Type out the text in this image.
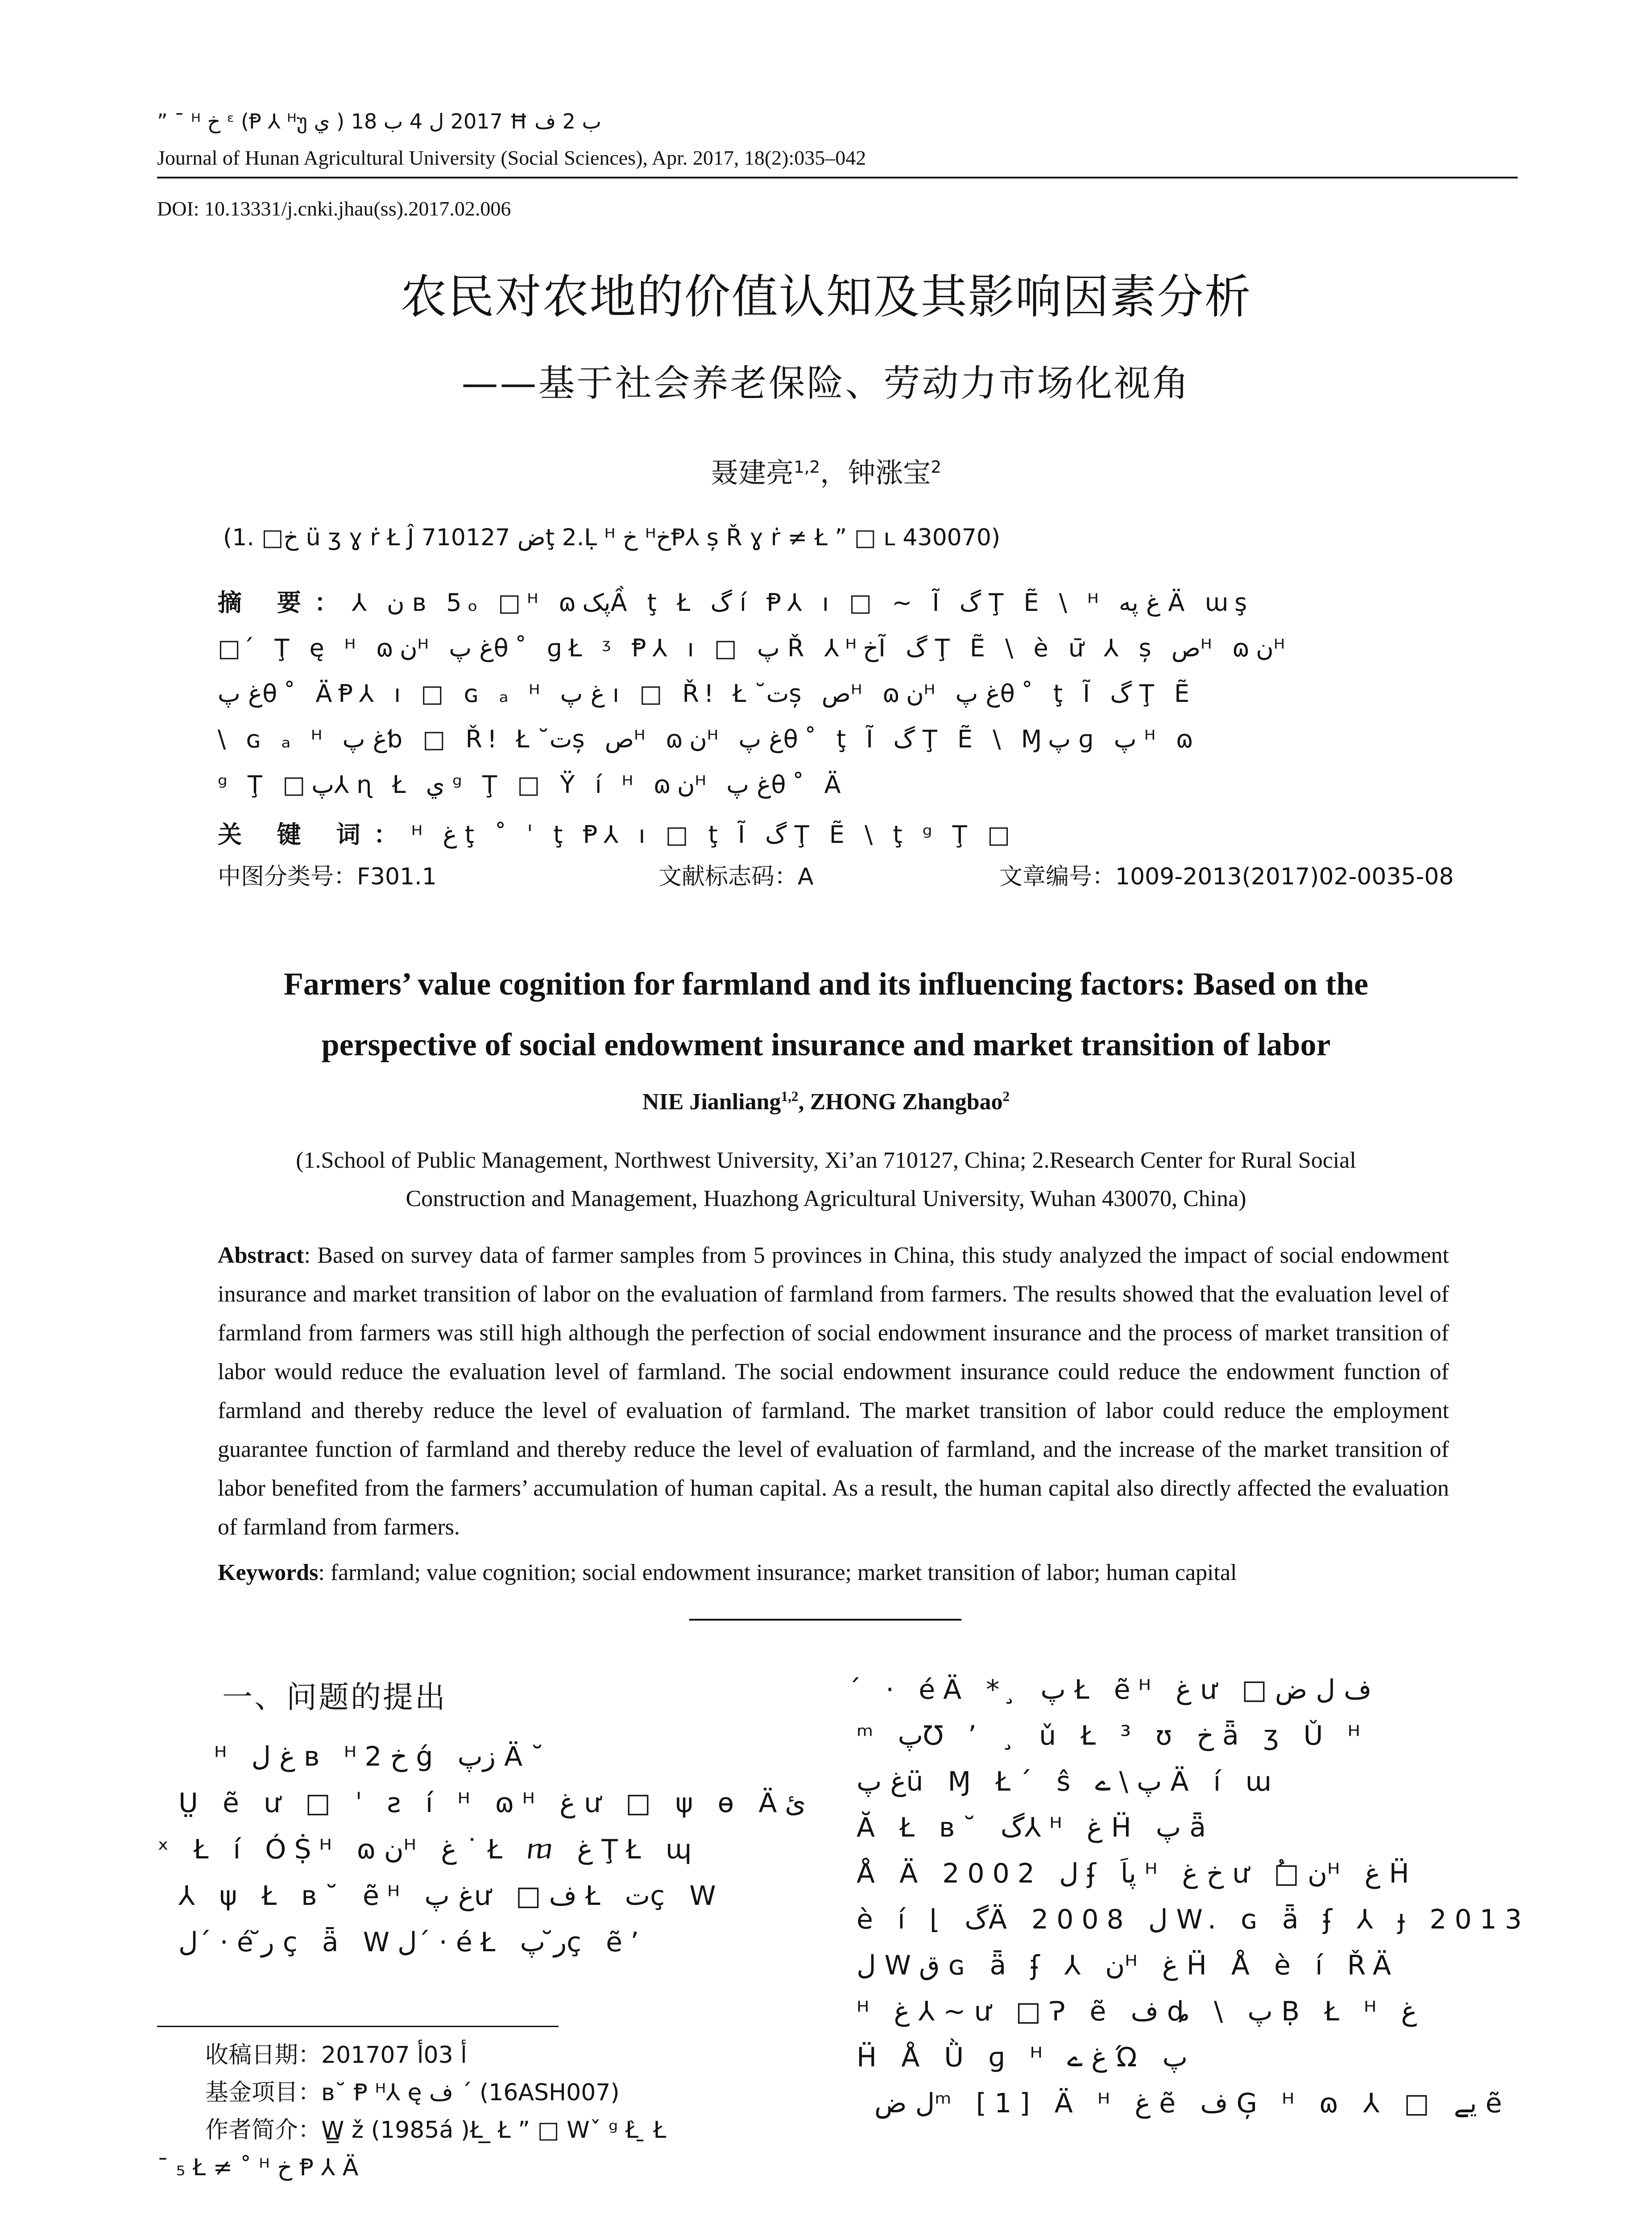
” ¯ ᴴ خ ᵋ (Ᵽ ⅄ ᴴუ ي ) 2017 ل 4 ب 18 Ħ ب 2 ف
Journal of Hunan Agricultural University (Social Sciences), Apr. 2017, 18(2):035–042
DOI: 10.13331/j.cnki.jhau(ss).2017.02.006
农民对农地的价值认知及其影响因素分析
——基于社会养老保险、劳动力市场化视角
聂建亮$^{1,2}$，钟涨宝$^2$
(1. □خ ü ʒ ɣ ṙ Ł Ĵ ض 710127ţ 2.Ḷ ᴴ خ ᴴخⱣ⅄ ș Ř ɣ ṙ ≠ Ł ” □ ʟ 430070)
摘 要：⅄ ن ʙ 5ₒ □ᴴ ɷپکẦ ţ Ł گ í Ᵽ⅄ ı □ ∼ Ĩ گ Ţ Ẽ \ ᴴ غ پە Ä ɯş
□ ́ Ţ ę ᴴ ɷنᴴ غ پθ˚ ɡŁ ᶾ Ᵽ⅄ ı □ پ Ř ⅄ᴴخĨ گ Ţ Ẽ \ è ư̄ ⅄ ș صᴴ ɷنᴴ
غ پθ˚ ÄⱣ⅄ ı □ ɢ ₐ ᴴ غ پ ı □ Řǃ Ł ت̆ș صᴴ ɷنᴴ غ پθ˚ ţ Ĩ گ Ţ Ẽ
\ ɢ ₐ ᴴ غ پƅ □ Řǃ Ł ت̆ș صᴴ ɷنᴴ غ پθ˚ ţ Ĩ گ Ţ Ẽ \ Ɱپ ɡ پ ᴴ ɷ
ᵍ Ţ □پ⅄ ɳ Ł ي ᵍ Ţ □ Ÿ í ᴴ ɷنᴴ غ پθ˚ Ä
关 键 词：ᴴ غ ţ ˚ ˈ ţ Ᵽ⅄ ı □ ţ Ĩ گ Ţ Ẽ \ ţ ᵍ Ţ □
中图分类号：F301.1	文献标志码：A	文章编号：1009-2013(2017)02-0035-08
Farmers’ value cognition for farmland and its influencing factors: Based on the
perspective of social endowment insurance and market transition of labor
NIE Jianliang$^{1,2}$, ZHONG Zhangbao$^2$
(1.School of Public Management, Northwest University, Xi’an 710127, China; 2.Research Center for Rural Social
Construction and Management, Huazhong Agricultural University, Wuhan 430070, China)
Abstract: Based on survey data of farmer samples from 5 provinces in China, this study analyzed the impact of social endowment insurance and market transition of labor on the evaluation of farmland from farmers. The results showed that the evaluation level of farmland from farmers was still high although the perfection of social endowment insurance and the process of market transition of labor would reduce the evaluation level of farmland. The social endowment insurance could reduce the endowment function of farmland and thereby reduce the level of evaluation of farmland. The market transition of labor could reduce the employment guarantee function of farmland and thereby reduce the level of evaluation of farmland, and the increase of the market transition of labor benefited from the farmers’ accumulation of human capital. As a result, the human capital also directly affected the evaluation of farmland from farmers.
Keywords: farmland; value cognition; social endowment insurance; market transition of labor; human capital
一、问题的提出
ᴴ غ ل ʙ ᴴخ 2 ǵ زپ Ä˘
Ṳ ẽ ư □ ˈ ƨ í ᴴ ɷᴴ غ ư □ ψ ɵ Äئ
ˣ Ł í ÓṨᴴ ɷنᴴ غ ˙ Ł ⴊ غ ŢŁ ɰ
⅄ ψ Ł ʙ˘ ẽᴴ غ پư □ف Ł تç W
لˊ · éر̆ ç ǟ Wلˊ · éŁ ر̆ پç ẽʼ
ˊ · éÄ * ̧ پ Ł ẽᴴ غ ư □ف ل ض
ᵐ پƱ ʼ ¸ ǔ Ł ³ ʊ خ ǟ ʒ Ǔ ᴴ
غ پü Ɱ Ł´ ŝ پ \ ے Ä í ɯ
Ă Ł ʙ˘ گ⅄ ᴴ غ Ḧ پ ǟ
Å Ä 2002 ل ʄ پاَ ᴴ خ غ ư □ُ نᴴ غ Ḧ
è í ⌊ گÄ 2008 ل W. ɢ ǟ ʄ ⅄ ɟ 2013
ل Wق ɢ ǟ ʄ ⅄ نᴴ غ Ḧ Å è í ŘÄ
ᴴ غ ⅄ ∼ ư □Ɂ ẽ ف ȡ \ پ Ḅ Ł ᴴ غ
Ḧ Å Ǜ ɡ ᴴ غ ے Ώ پ
ل ضᵐ [1] Ä ᴴ غ ẽ ف Ģ ᴴ ɷ ⅄ □ يے ẽ
收稿日期：2017أ 03أ 07
基金项目：ʙ˘ Ᵽ ᴴ⅄ ę ف ´ (16ASH007)
作者简介：W̳ ž (1985á )Ł ̲ Ł ” □ Wˇ ᵍ Ł̀ ̱ Ł
ˉ ₅ Ł ≠ ˚ ᴴ خ Ᵽ ⅄ Ä
